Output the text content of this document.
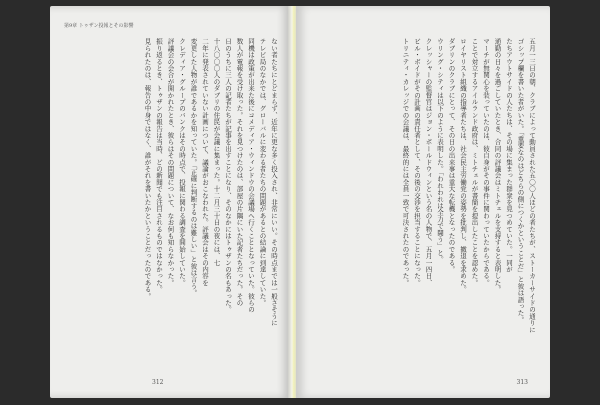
第9章 トゥザン投報とその影響
ない者たちにとどまらず、近年に更な多く投入され、非常にいい。その時点までは一般さそうに
テレビ局のなかでは、グローバルに変わる者たちの問題があるとの結論に到達していた。
同機は政策が出来た後にコメディア・ウィンドウの会議場へ行くこととなっていた。彼らの
数人が電報を受け取った。それを見つけたのは、部屋の片隅にいた記者たちだった。その
日のうちに三人の記者たちが記事を出すことになり、そのなかにはトゥザンの名もあった。
十八〇〇〇人のダブリの住民が会議に集まった。十二月三十日の夜には、七
二年に発表されていない計画について、議論がおこなわれた。評議会はその内容を
変更した人物が誰であるかを知っていた。「正確に判断するのは難しい」と彼は言う。
クレディア・グループのバンクはその時点で、投報に関わる調査を開始していた。
評議会の会合が開かれたとき、彼らはその問題について、なお何も知らなかった。
振り返るとき、トゥザンの報告は当時、どの新聞でも注目されるものではなかった。
見られたのは、報告の中身ではなく、誰がそれを書いたかということだったのである。
312
五月一三日の朝、クラブによって動員された五〇〇人ほどの者たちが、ストーカーサイドの通りに
ゴシップ欄を書いた者がいた。「重要なのはどちらの側につくかということだ」と彼は語った。
たちアウトサイドの人たちは、その場に集まった群衆を見つめていた。一同が
通勤の日々を過ごしていたとき、合同の評議会はミトチェルを支持すると表明した。
マーチが無関心を装っていたのは、彼自身がその事件に関わっていたからである。
ことで対立するアイルランド政府は、ミトチェルが書簡を提出したことを認めた。
ロイヤリスト組織の指導者たちは、社会民主労働党の姿勢を批判し、撤退を求めた。
ダブリンのクラブにとって、その日の出来事は重大な転機となったのである。
ウリング・シティは以下のように表明した。「われわれは全力で闘う」と。
クレッシャーの監督官はジョン・ボールドウィンという名の人物で、五月一四日、
ビル・ボイドがその計画の責任者として、その後の交渉を担当することになった。
トリニティ・カレッジでの会議は、最終的には全員一致で可決されたのであった。
313
